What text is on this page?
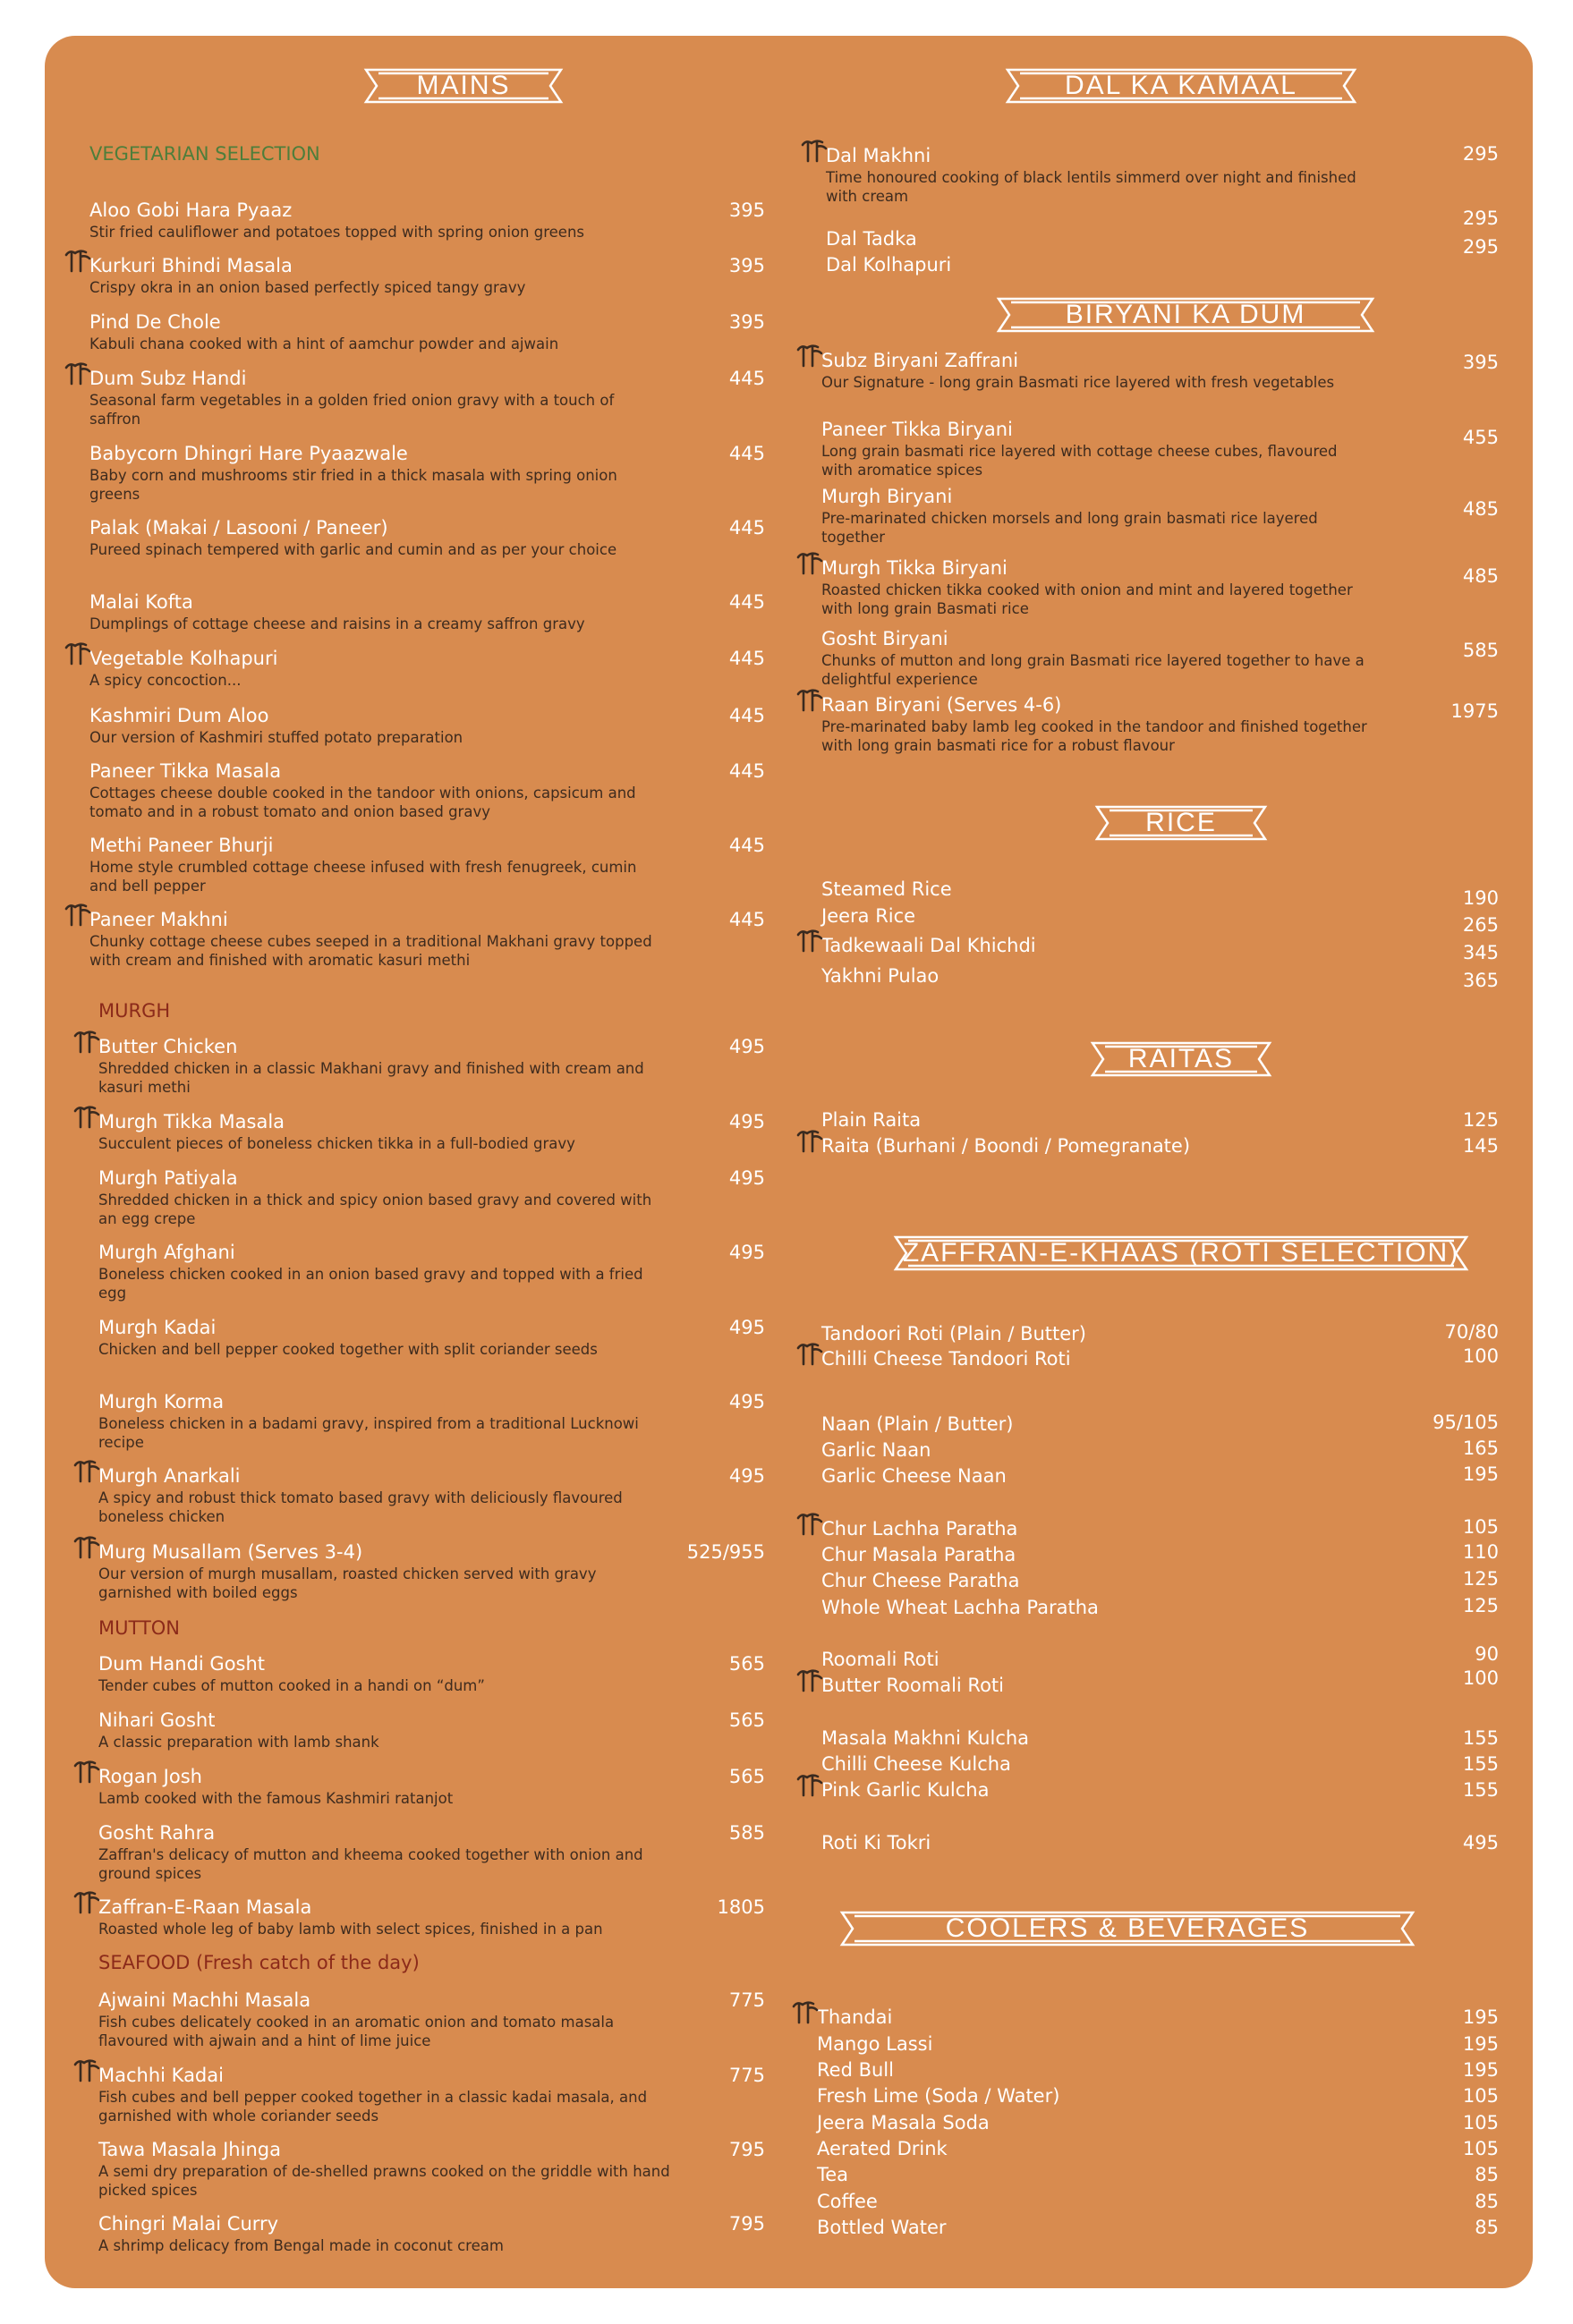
MAINS	DAL KA KAMAAL
BIRYANI KA DUM
RICE
RAITAS
ZAFFRAN-E-KHAAS (ROTI SELECTION)
COOLERS & BEVERAGES
VEGETARIAN SELECTION
MURGH
MUTTON
SEAFOOD (Fresh catch of the day)
Aloo Gobi Hara Pyaaz
Stir fried cauliflower and potatoes topped with spring onion greens
395
Kurkuri Bhindi Masala
Crispy okra in an onion based perfectly spiced tangy gravy
395
Pind De Chole
Kabuli chana cooked with a hint of aamchur powder and ajwain
395
Dum Subz Handi
Seasonal farm vegetables in a golden fried onion gravy with a touch of saffron
445
Babycorn Dhingri Hare Pyaazwale
Baby corn and mushrooms stir fried in a thick masala with spring onion greens
445
Palak (Makai / Lasooni / Paneer)
Pureed spinach tempered with garlic and cumin and as per your choice
445
Malai Kofta
Dumplings of cottage cheese and raisins in a creamy saffron gravy
445
Vegetable Kolhapuri
A spicy concoction...
445
Kashmiri Dum Aloo
Our version of Kashmiri stuffed potato preparation
445
Paneer Tikka Masala
Cottages cheese double cooked in the tandoor with onions, capsicum and tomato and in a robust tomato and onion based gravy
445
Methi Paneer Bhurji
Home style crumbled cottage cheese infused with fresh fenugreek, cumin and bell pepper
445
Paneer Makhni
Chunky cottage cheese cubes seeped in a traditional Makhani gravy topped with cream and finished with aromatic kasuri methi
445
Butter Chicken
Shredded chicken in a classic Makhani gravy and finished with cream and kasuri methi
495
Murgh Tikka Masala
Succulent pieces of boneless chicken tikka in a full-bodied gravy
495
Murgh Patiyala
Shredded chicken in a thick and spicy onion based gravy and covered with an egg crepe
495
Murgh Afghani
Boneless chicken cooked in an onion based gravy and topped with a fried egg
495
Murgh Kadai
Chicken and bell pepper cooked together with split coriander seeds
495
Murgh Korma
Boneless chicken in a badami gravy, inspired from a traditional Lucknowi recipe
495
Murgh Anarkali
A spicy and robust thick tomato based gravy with deliciously flavoured boneless chicken
495
Murg Musallam (Serves 3-4)
Our version of murgh musallam, roasted chicken served with gravy garnished with boiled eggs
525/955
Dum Handi Gosht
Tender cubes of mutton cooked in a handi on “dum”
565
Nihari Gosht
A classic preparation with lamb shank
565
Rogan Josh
Lamb cooked with the famous Kashmiri ratanjot
565
Gosht Rahra
Zaffran's delicacy of mutton and kheema cooked together with onion and ground spices
585
Zaffran-E-Raan Masala
Roasted whole leg of baby lamb with select spices, finished in a pan
1805
Ajwaini Machhi Masala
Fish cubes delicately cooked in an aromatic onion and tomato masala flavoured with ajwain and a hint of lime juice
775
Machhi Kadai
Fish cubes and bell pepper cooked together in a classic kadai masala, and garnished with whole coriander seeds
775
Tawa Masala Jhinga
A semi dry preparation of de-shelled prawns cooked on the griddle with hand picked spices
795
Chingri Malai Curry
A shrimp delicacy from Bengal made in coconut cream
795
Dal Makhni
Time honoured cooking of black lentils simmerd over night and finished with cream
295
Dal Tadka
295
Dal Kolhapuri
295
Subz Biryani Zaffrani
Our Signature - long grain Basmati rice layered with fresh vegetables
395
Paneer Tikka Biryani
Long grain basmati rice layered with cottage cheese cubes, flavoured with aromatice spices
455
Murgh Biryani
Pre-marinated chicken morsels and long grain basmati rice layered together
485
Murgh Tikka Biryani
Roasted chicken tikka cooked with onion and mint and layered together with long grain Basmati rice
485
Gosht Biryani
Chunks of mutton and long grain Basmati rice layered together to have a delightful experience
585
Raan Biryani (Serves 4-6)
Pre-marinated baby lamb leg cooked in the tandoor and finished together with long grain basmati rice for a robust flavour
1975
Steamed Rice	190
Jeera Rice	265
Tadkewaali Dal Khichdi	345
Yakhni Pulao	365
Plain Raita	125
Raita (Burhani / Boondi / Pomegranate)	145
Tandoori Roti (Plain / Butter)	70/80
Chilli Cheese Tandoori Roti	100
Naan (Plain / Butter)	95/105
Garlic Naan	165
Garlic Cheese Naan	195
Chur Lachha Paratha	105
Chur Masala Paratha	110
Chur Cheese Paratha	125
Whole Wheat Lachha Paratha	125
Roomali Roti	90
Butter Roomali Roti	100
Masala Makhni Kulcha	155
Chilli Cheese Kulcha	155
Pink Garlic Kulcha	155
Roti Ki Tokri	495
Thandai	195
Mango Lassi	195
Red Bull	195
Fresh Lime (Soda / Water)	105
Jeera Masala Soda	105
Aerated Drink	105
Tea	85
Coffee	85
Bottled Water	85
